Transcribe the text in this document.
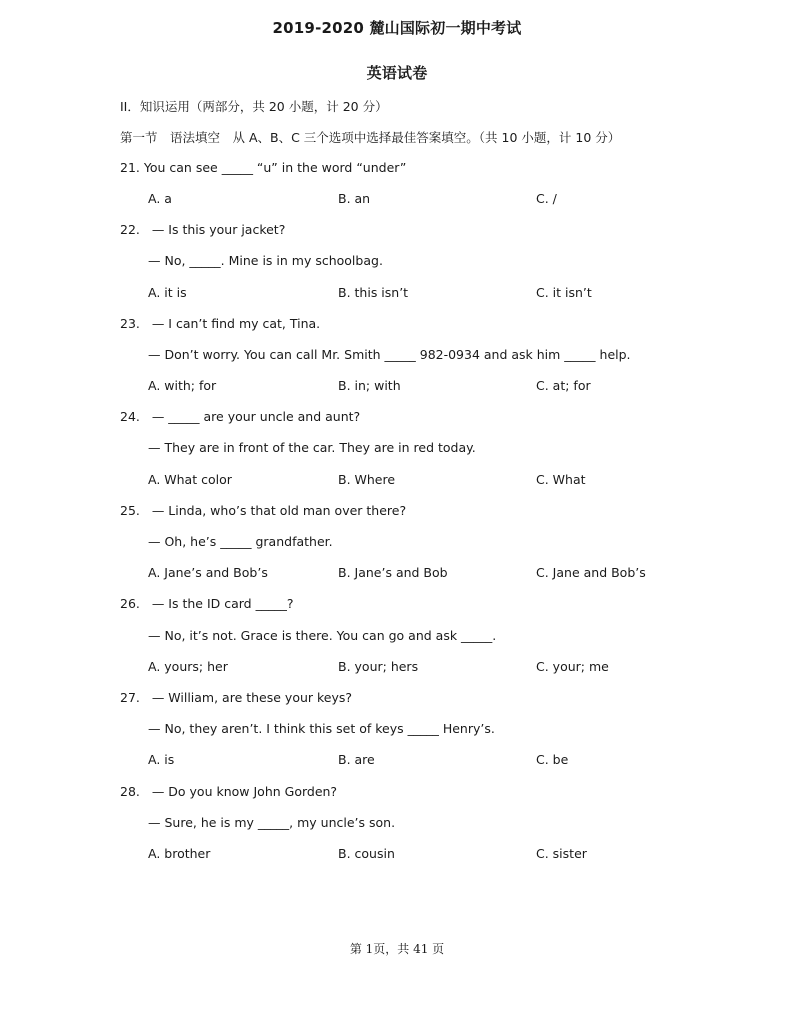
2019-2020 麓山国际初一期中考试
英语试卷
II．知识运用（两部分，共 20 小题，计 20 分）
第一节　语法填空　从 A、B、C 三个选项中选择最佳答案填空。（共 10 小题，计 10 分）
21. You can see _____ “u” in the word “under”
A. a	B. an	C. /
22. — Is this your jacket?
— No, _____. Mine is in my schoolbag.
A. it is	B. this isn’t	C. it isn’t
23. — I can’t find my cat, Tina.
— Don’t worry. You can call Mr. Smith _____ 982-0934 and ask him _____ help.
A. with; for	B. in; with	C. at; for
24. — _____ are your uncle and aunt?
— They are in front of the car. They are in red today.
A. What color	B. Where	C. What
25. — Linda, who’s that old man over there?
— Oh, he’s _____ grandfather.
A. Jane’s and Bob’s	B. Jane’s and Bob	C. Jane and Bob’s
26. — Is the ID card _____?
— No, it’s not. Grace is there. You can go and ask _____.
A. yours; her	B. your; hers	C. your; me
27. — William, are these your keys?
— No, they aren’t. I think this set of keys _____ Henry’s.
A. is	B. are	C. be
28. — Do you know John Gorden?
— Sure, he is my _____, my uncle’s son.
A. brother	B. cousin	C. sister
第 1页，共 41 页
